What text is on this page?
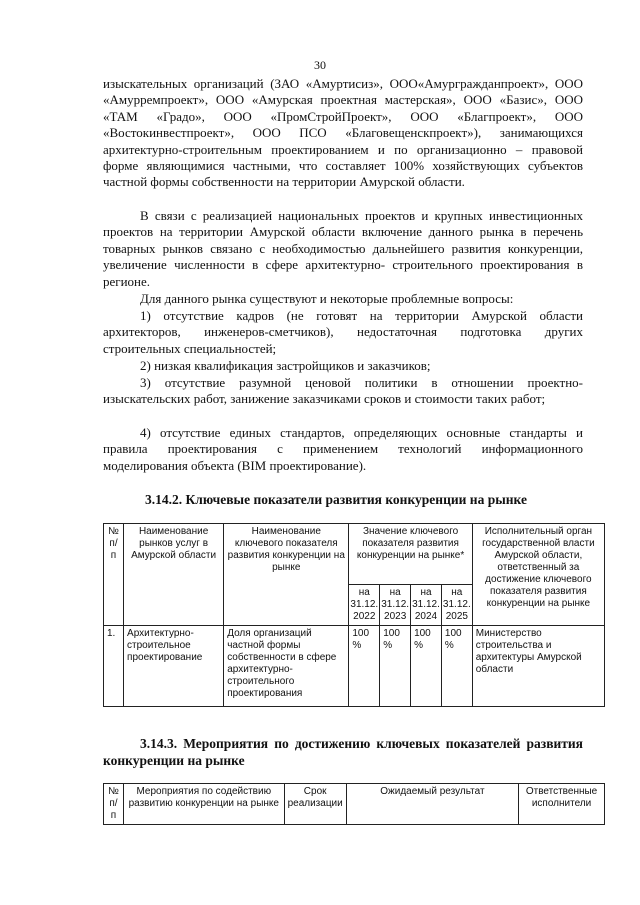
30

изыскательных организаций (ЗАО «Амуртисиз», ООО«Амургражданпроект», ООО «Амурремпроект», ООО «Амурская проектная мастерская», ООО «Базис», ООО «ТАМ «Градо», ООО «ПромСтройПроект», ООО «Благпроект», ООО «Востокинвестпроект», ООО ПСО «Благовещенскпроект»), занимающихся архитектурно-строительным проектированием и по организационно – правовой форме являющимися частными, что составляет 100% хозяйствующих субъектов частной формы собственности на территории Амурской области.

В связи с реализацией национальных проектов и крупных инвестиционных проектов на территории Амурской области включение данного рынка в перечень товарных рынков связано с необходимостью дальнейшего развития конкуренции, увеличение численности в сфере архитектурно- строительного проектирования в регионе.

Для данного рынка существуют и некоторые проблемные вопросы:

1) отсутствие кадров (не готовят на территории Амурской области архитекторов, инженеров-сметчиков), недостаточная подготовка других строительных специальностей;

2) низкая квалификация застройщиков и заказчиков;

3) отсутствие разумной ценовой политики в отношении проектно-изыскательских работ, занижение заказчиками сроков и стоимости таких работ;

4) отсутствие единых стандартов, определяющих основные стандарты и правила проектирования с применением технологий информационного моделирования объекта (BIM проектирование).

3.14.2. Ключевые показатели развития конкуренции на рынке
№ п/п	Наименование рынков услуг в Амурской области	Наименование ключевого показателя развития конкуренции на рынке	Значение ключевого показателя развития конкуренции на рынке*				Исполнительный орган государственной власти Амурской области, ответственный за достижение ключевого показателя развития конкуренции на рынке
			на 31.12. 2022	на 31.12. 2023	на 31.12. 2024	на 31.12. 2025	
1.	Архитектурно-строительное проектирование	Доля организаций частной формы собственности в сфере архитектурно-строительного проектирования	100 %	100 %	100 %	100 %	Министерство строительства и архитектуры Амурской области
3.14.3. Мероприятия по достижению ключевых показателей развития конкуренции на рынке
№ п/п	Мероприятия по содействию развитию конкуренции на рынке	Срок реализации	Ожидаемый результат	Ответственные исполнители
